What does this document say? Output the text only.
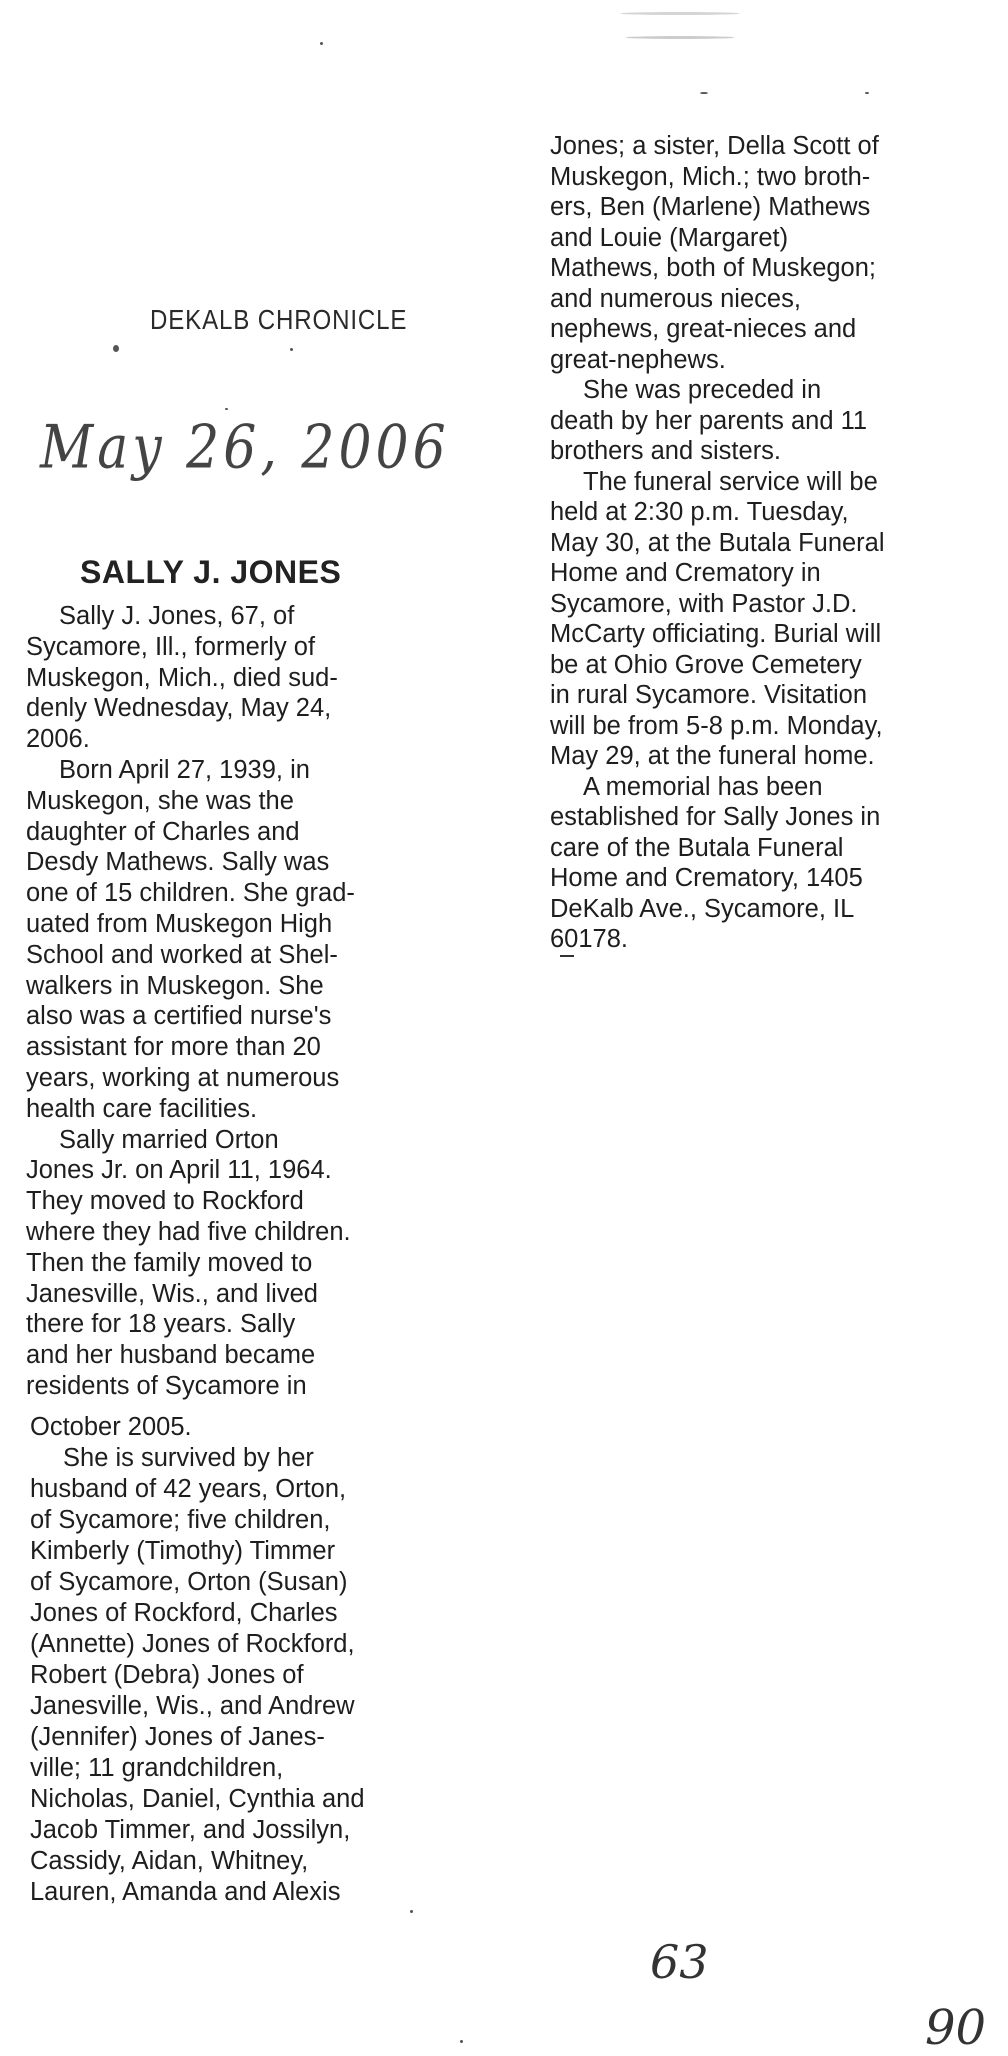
DEKALB CHRONICLE
May 26, 2006
SALLY J. JONES
Sally J. Jones, 67, of
Sycamore, Ill., formerly of
Muskegon, Mich., died sud-
denly Wednesday, May 24,
2006.
Born April 27, 1939, in
Muskegon, she was the
daughter of Charles and
Desdy Mathews. Sally was
one of 15 children. She grad-
uated from Muskegon High
School and worked at Shel-
walkers in Muskegon. She
also was a certified nurse's
assistant for more than 20
years, working at numerous
health care facilities.
Sally married Orton
Jones Jr. on April 11, 1964.
They moved to Rockford
where they had five children.
Then the family moved to
Janesville, Wis., and lived
there for 18 years. Sally
and her husband became
residents of Sycamore in
October 2005.
She is survived by her
husband of 42 years, Orton,
of Sycamore; five children,
Kimberly (Timothy) Timmer
of Sycamore, Orton (Susan)
Jones of Rockford, Charles
(Annette) Jones of Rockford,
Robert (Debra) Jones of
Janesville, Wis., and Andrew
(Jennifer) Jones of Janes-
ville; 11 grandchildren,
Nicholas, Daniel, Cynthia and
Jacob Timmer, and Jossilyn,
Cassidy, Aidan, Whitney,
Lauren, Amanda and Alexis
Jones; a sister, Della Scott of
Muskegon, Mich.; two broth-
ers, Ben (Marlene) Mathews
and Louie (Margaret)
Mathews, both of Muskegon;
and numerous nieces,
nephews, great-nieces and
great-nephews.
She was preceded in
death by her parents and 11
brothers and sisters.
The funeral service will be
held at 2:30 p.m. Tuesday,
May 30, at the Butala Funeral
Home and Crematory in
Sycamore, with Pastor J.D.
McCarty officiating. Burial will
be at Ohio Grove Cemetery
in rural Sycamore. Visitation
will be from 5-8 p.m. Monday,
May 29, at the funeral home.
A memorial has been
established for Sally Jones in
care of the Butala Funeral
Home and Crematory, 1405
DeKalb Ave., Sycamore, IL
60178.
63
90
